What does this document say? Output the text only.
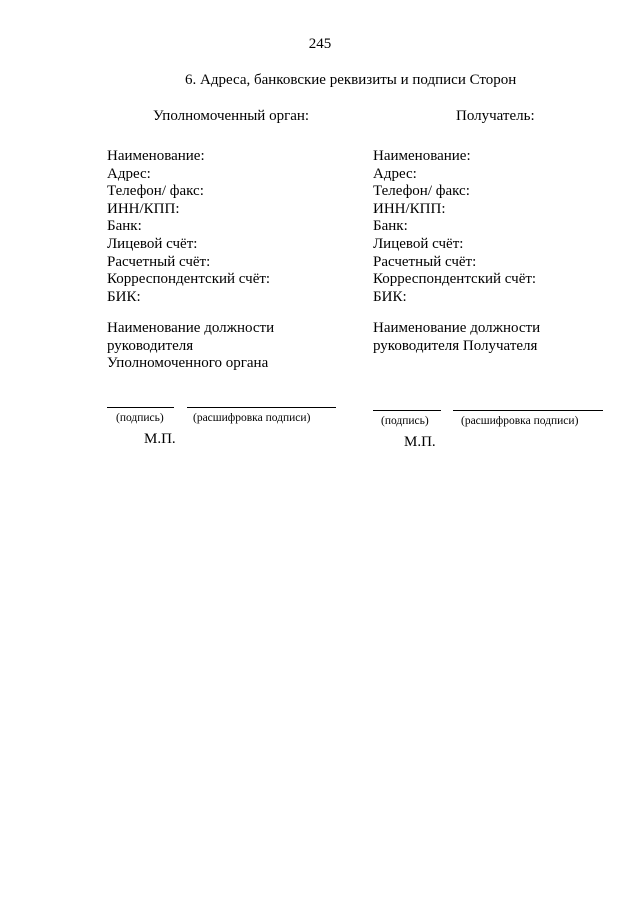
245
6. Адреса, банковские реквизиты и подписи Сторон
Уполномоченный орган:
Наименование:
Адрес:
Телефон/ факс:
ИНН/КПП:
Банк:
Лицевой счёт:
Расчетный счёт:
Корреспондентский счёт:
БИК:
Наименование должности
руководителя
Уполномоченного органа
(подпись)	(расшифровка подписи)
М.П.
Получатель:
Наименование:
Адрес:
Телефон/ факс:
ИНН/КПП:
Банк:
Лицевой счёт:
Расчетный счёт:
Корреспондентский счёт:
БИК:
Наименование должности
руководителя Получателя
(подпись)	(расшифровка подписи)
М.П.
